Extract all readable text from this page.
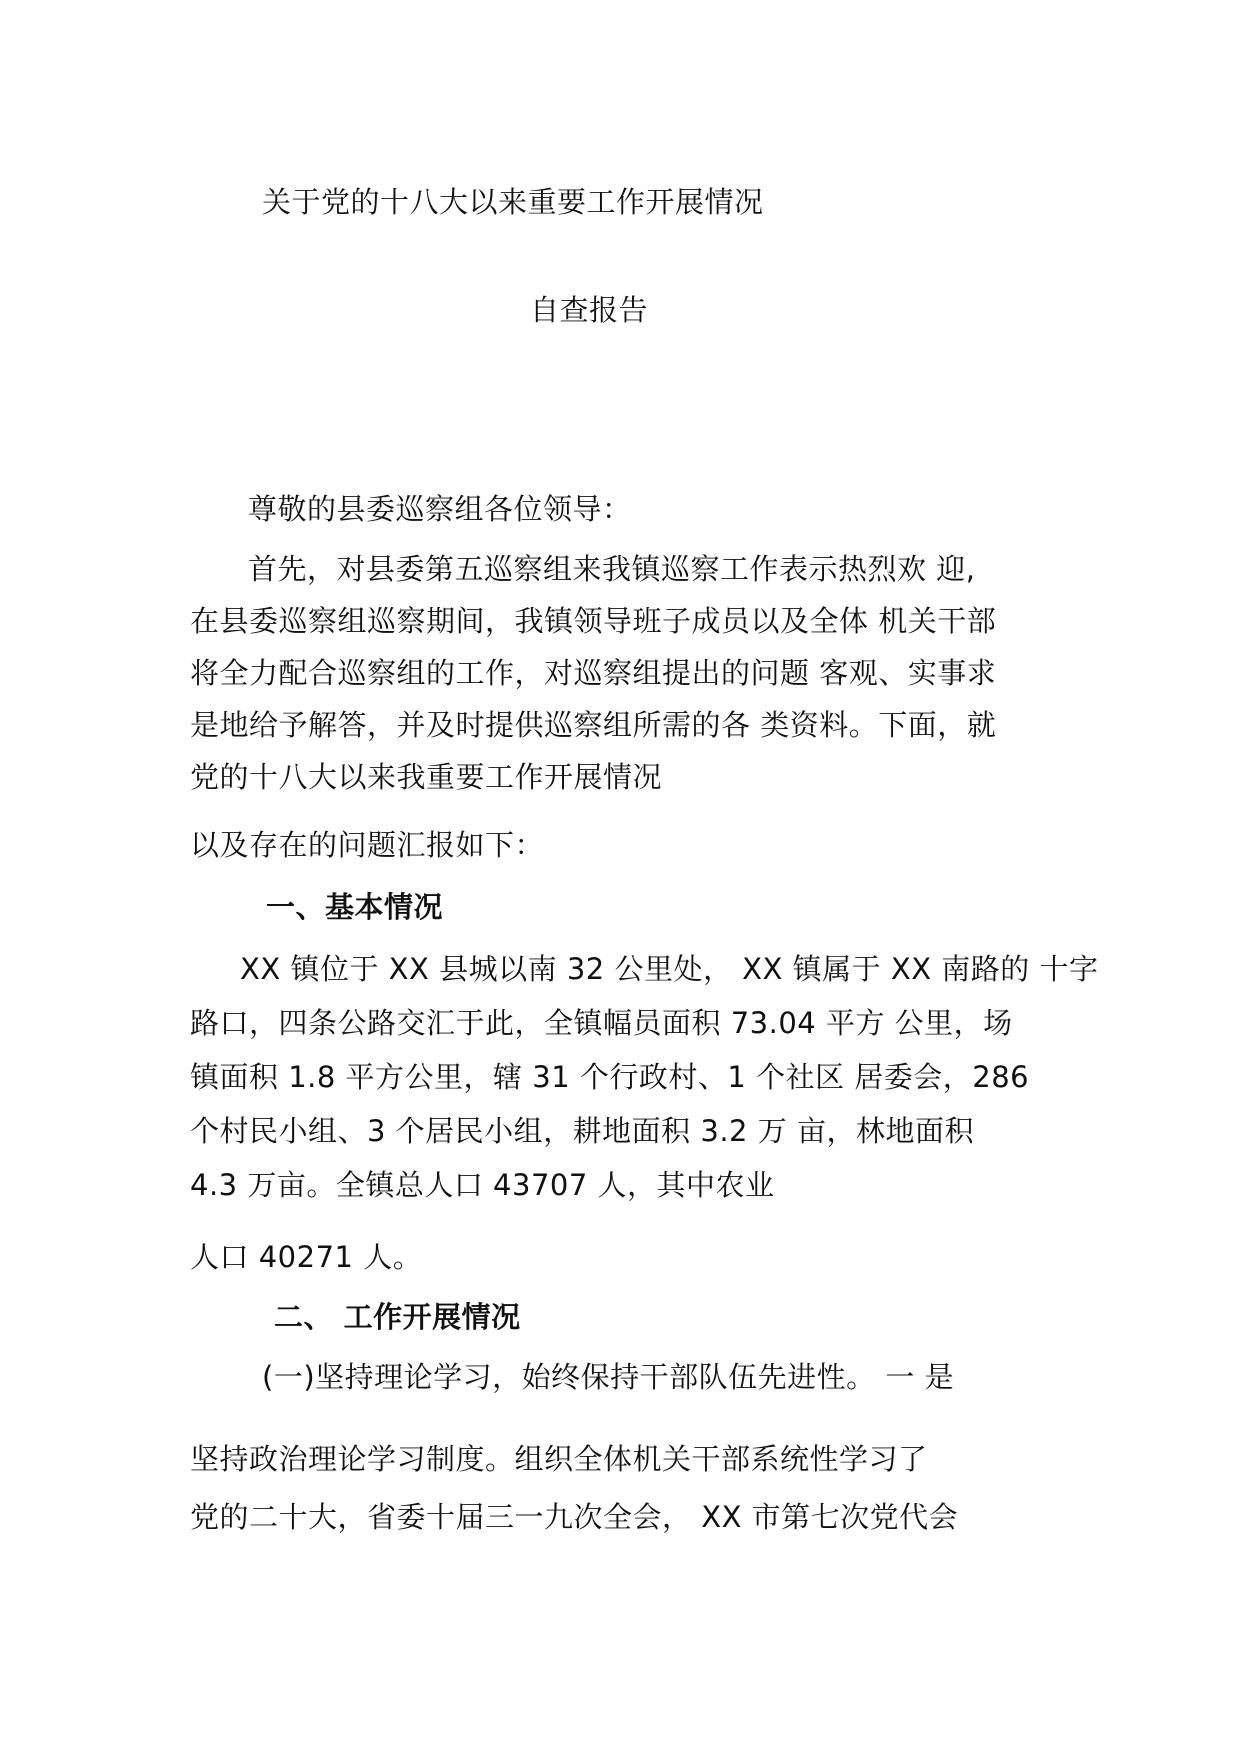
关于党的十八大以来重要工作开展情况
自查报告
尊敬的县委巡察组各位领导：
首先，对县委第五巡察组来我镇巡察工作表示热烈欢 迎,
在县委巡察组巡察期间，我镇领导班子成员以及全体 机关干部
将全力配合巡察组的工作，对巡察组提出的问题 客观、实事求
是地给予解答，并及时提供巡察组所需的各 类资料。下面，就
党的十八大以来我重要工作开展情况
以及存在的问题汇报如下：
一、基本情况
XX 镇位于 XX 县城以南 32 公里处， XX 镇属于 XX 南路的 十字
路口，四条公路交汇于此，全镇幅员面积 73.04 平方 公里，场
镇面积 1.8 平方公里，辖 31 个行政村、1 个社区 居委会，286
个村民小组、3 个居民小组，耕地面积 3.2 万 亩，林地面积
4.3 万亩。全镇总人口 43707 人，其中农业
人口 40271 人。
二、 工作开展情况
(一)坚持理论学习，始终保持干部队伍先进性。 一 是
坚持政治理论学习制度。组织全体机关干部系统性学习了
党的二十大，省委十届三一九次全会， XX 市第七次党代会
